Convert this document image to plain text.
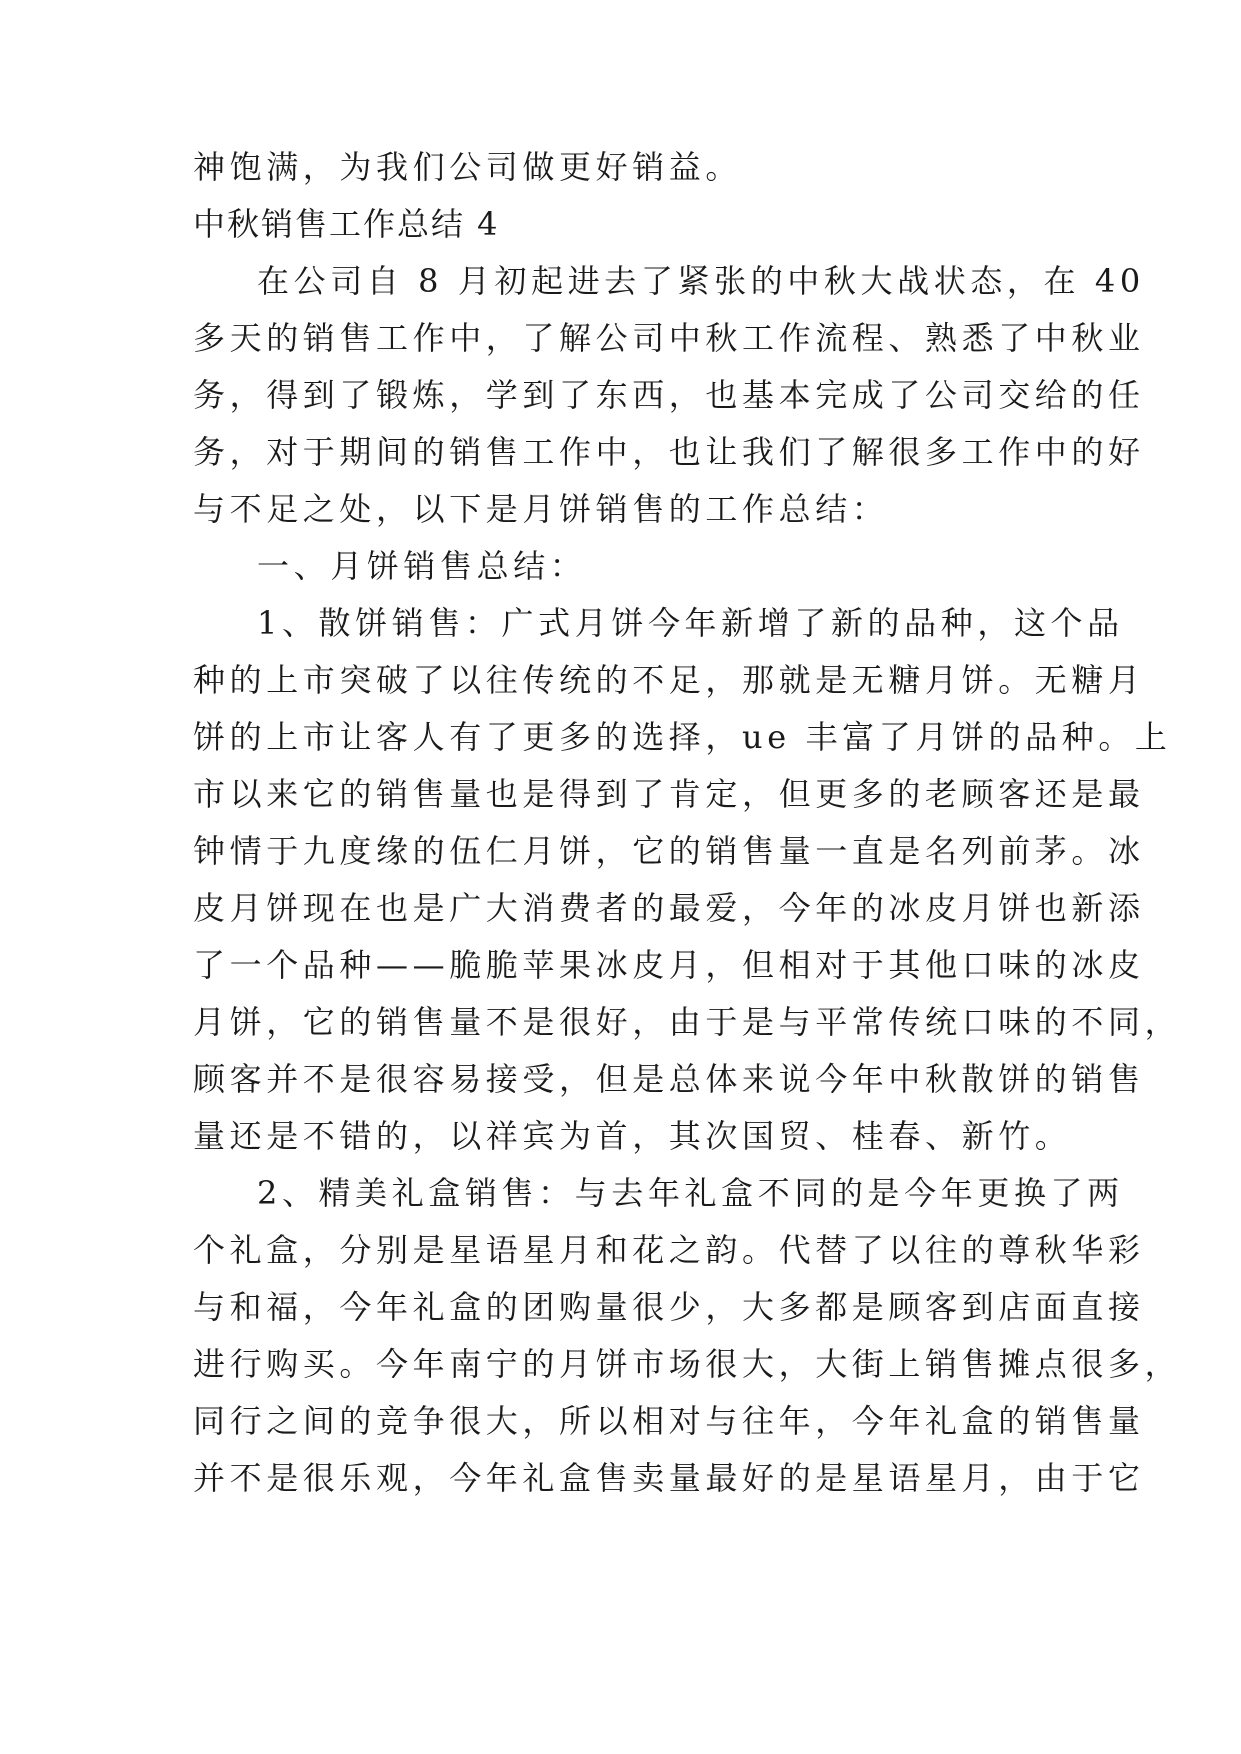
神饱满，为我们公司做更好销益。
中秋销售工作总结 4
在公司自 8 月初起进去了紧张的中秋大战状态，在 40
多天的销售工作中，了解公司中秋工作流程、熟悉了中秋业
务，得到了锻炼，学到了东西，也基本完成了公司交给的任
务，对于期间的销售工作中，也让我们了解很多工作中的好
与不足之处，以下是月饼销售的工作总结：
一、月饼销售总结：
1、散饼销售：广式月饼今年新增了新的品种，这个品
种的上市突破了以往传统的不足，那就是无糖月饼。无糖月
饼的上市让客人有了更多的选择，ue 丰富了月饼的品种。上
市以来它的销售量也是得到了肯定，但更多的老顾客还是最
钟情于九度缘的伍仁月饼，它的销售量一直是名列前茅。冰
皮月饼现在也是广大消费者的最爱，今年的冰皮月饼也新添
了一个品种——脆脆苹果冰皮月，但相对于其他口味的冰皮
月饼，它的销售量不是很好，由于是与平常传统口味的不同，
顾客并不是很容易接受，但是总体来说今年中秋散饼的销售
量还是不错的，以祥宾为首，其次国贸、桂春、新竹。
2、精美礼盒销售：与去年礼盒不同的是今年更换了两
个礼盒，分别是星语星月和花之韵。代替了以往的尊秋华彩
与和福，今年礼盒的团购量很少，大多都是顾客到店面直接
进行购买。今年南宁的月饼市场很大，大街上销售摊点很多，
同行之间的竞争很大，所以相对与往年，今年礼盒的销售量
并不是很乐观，今年礼盒售卖量最好的是星语星月，由于它
